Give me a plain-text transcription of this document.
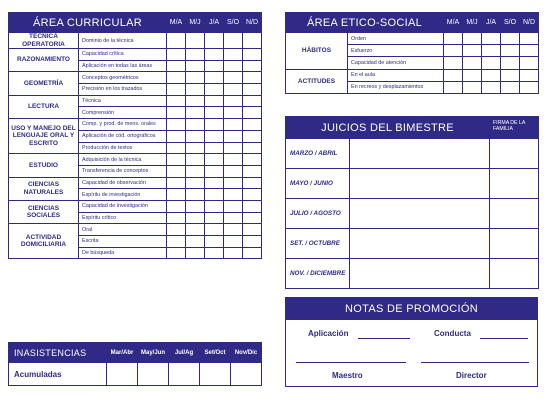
ÁREA CURRICULAR		M/A	M/J	J/A	S/O	N/D
TÉCNICA OPERATORIA	Dominio de la técnica					
RAZONAMIENTO	Capacidad crítica					
	Aplicación en todas las áreas					
GEOMETRÍA	Conceptos geométricos					
	Precisión en los trazados					
LECTURA	Técnica					
	Comprensión					
USO Y MANEJO DEL LENGUAJE ORAL Y ESCRITO	Comp. y prod. de mens. orales					
	Aplicación de cód. ortográficos					
	Producción de textos					
ESTUDIO	Adquisición de la técnica					
	Transferencia de conceptos					
CIENCIAS NATURALES	Capacidad de observación					
	Espíritu de investigación					
CIENCIAS SOCIALES	Capacidad de investigación					
	Espíritu crítico					
ACTIVIDAD DOMICILIARIA	Oral					
	Escrita					
	De búsqueda					
ÁREA ETICO-SOCIAL		M/A	M/J	J/A	S/O	N/D
HÁBITOS	Orden					
	Esfuerzo					
	Capacidad de atención					
ACTITUDES	En el aula					
	En recreos y desplazamientos					
JUICIOS DEL BIMESTRE		FIRMA DE LA FAMILIA
MARZO / ABRIL		
MAYO / JUNIO		
JULIO / AGOSTO		
SET. / OCTUBRE		
NOV. / DICIEMBRE		
NOTAS DE PROMOCIÓN
Aplicación	Conducta
Maestro	Director
INASISTENCIAS	Mar/Abr	May/Jun	Jul/Ag	Set/Oct	Nov/Dic
Acumuladas					
